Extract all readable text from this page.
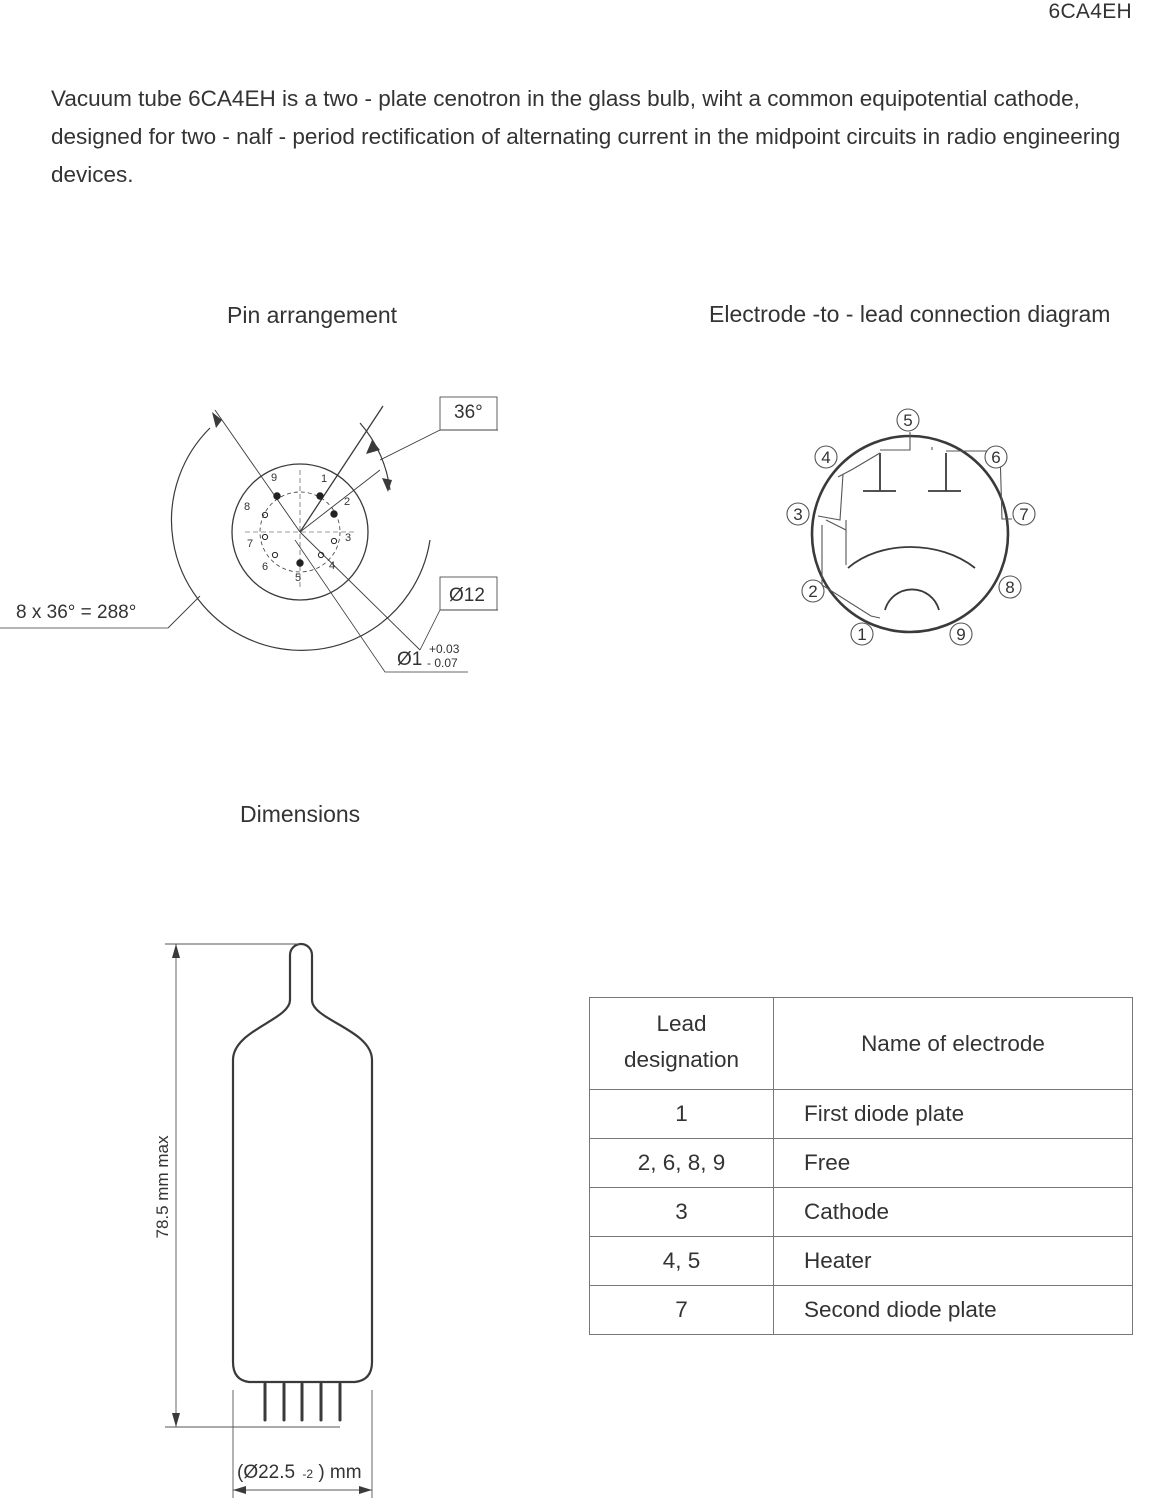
6CA4EH
Vacuum tube 6CA4EH is a two - plate cenotron in the glass bulb, wiht a common equipotential cathode, designed for two - nalf - period rectification of alternating current in the midpoint circuits in radio engineering devices.
Pin arrangement	Electrode -to - lead connection diagram
Dimensions
1
2
3
4
5
6
7
8
9
36°
8 x 36° = 288°
Ø12
Ø1 +0.03
- 0.07
1
2
3
4
5
6
7
8
9
78.5 mm max
(Ø22.5 -2 ) mm
Lead
designation	Name of electrode
1	First diode plate
2, 6, 8, 9	Free
3	Cathode
4, 5	Heater
7	Second diode plate
